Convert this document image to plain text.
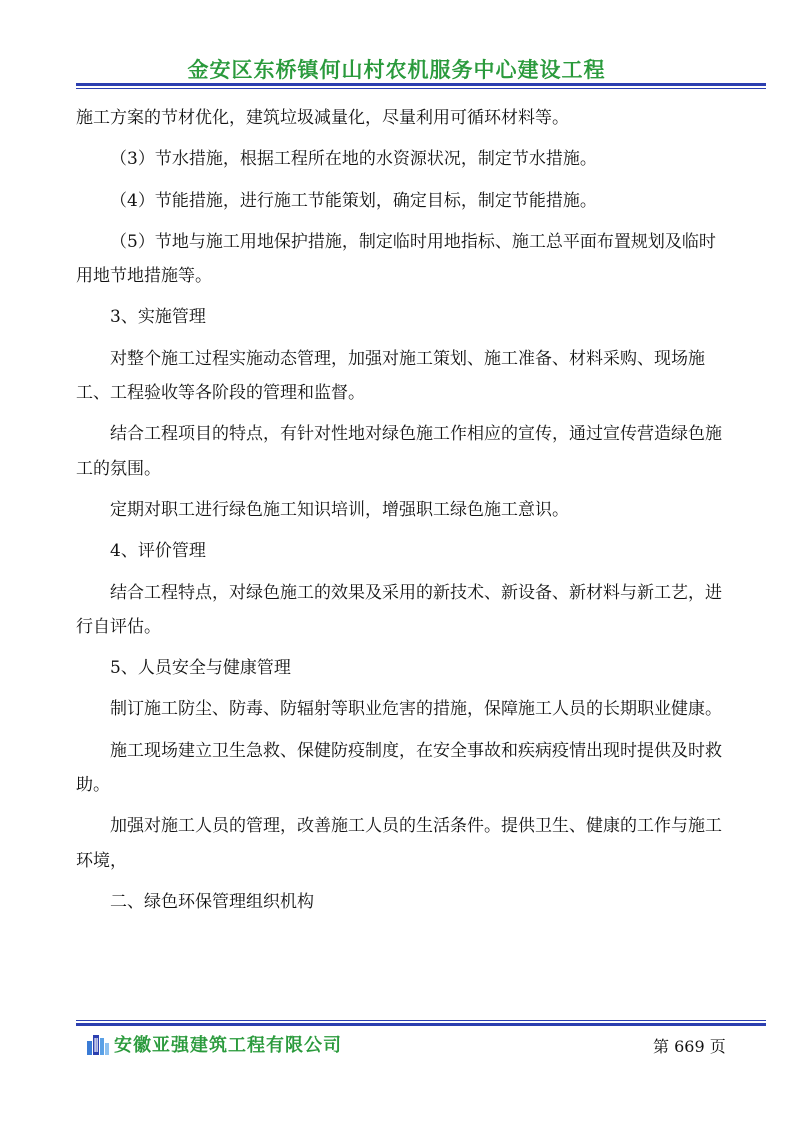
金安区东桥镇何山村农机服务中心建设工程

施工方案的节材优化，建筑垃圾减量化，尽量利用可循环材料等。

（3）节水措施，根据工程所在地的水资源状况，制定节水措施。

（4）节能措施，进行施工节能策划，确定目标，制定节能措施。

（5）节地与施工用地保护措施，制定临时用地指标、施工总平面布置规划及临时用地节地措施等。

3、实施管理

对整个施工过程实施动态管理，加强对施工策划、施工准备、材料采购、现场施工、工程验收等各阶段的管理和监督。

结合工程项目的特点，有针对性地对绿色施工作相应的宣传，通过宣传营造绿色施工的氛围。

定期对职工进行绿色施工知识培训，增强职工绿色施工意识。

4、评价管理

结合工程特点，对绿色施工的效果及采用的新技术、新设备、新材料与新工艺，进行自评估。

5、人员安全与健康管理

制订施工防尘、防毒、防辐射等职业危害的措施，保障施工人员的长期职业健康。

施工现场建立卫生急救、保健防疫制度，在安全事故和疾病疫情出现时提供及时救助。

加强对施工人员的管理，改善施工人员的生活条件。提供卫生、健康的工作与施工环境，

二、绿色环保管理组织机构

安徽亚强建筑工程有限公司	第 669 页
